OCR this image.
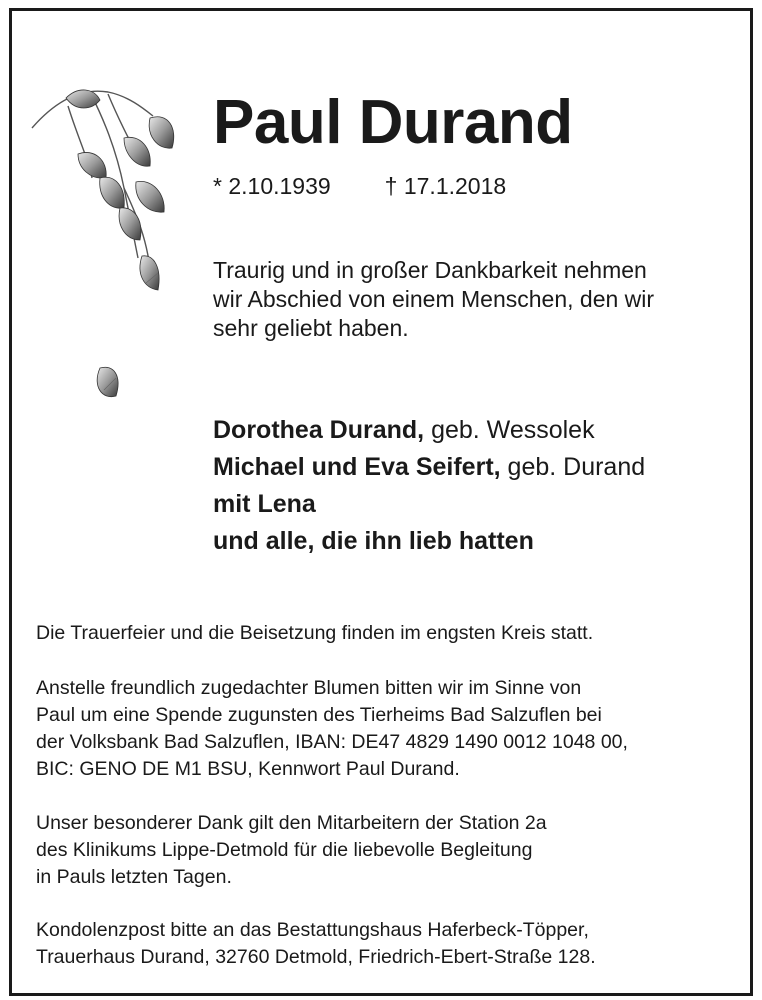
Paul Durand
* 2.10.1939 † 17.1.2018
Traurig und in großer Dankbarkeit nehmen
wir Abschied von einem Menschen, den wir
sehr geliebt haben.
Dorothea Durand, geb. Wessolek
Michael und Eva Seifert, geb. Durand
mit Lena
und alle, die ihn lieb hatten
Die Trauerfeier und die Beisetzung finden im engsten Kreis statt.
Anstelle freundlich zugedachter Blumen bitten wir im Sinne von
Paul um eine Spende zugunsten des Tierheims Bad Salzuflen bei
der Volksbank Bad Salzuflen, IBAN: DE47 4829 1490 0012 1048 00,
BIC: GENO DE M1 BSU, Kennwort Paul Durand.
Unser besonderer Dank gilt den Mitarbeitern der Station 2a
des Klinikums Lippe-Detmold für die liebevolle Begleitung
in Pauls letzten Tagen.
Kondolenzpost bitte an das Bestattungshaus Haferbeck-Töpper,
Trauerhaus Durand, 32760 Detmold, Friedrich-Ebert-Straße 128.
